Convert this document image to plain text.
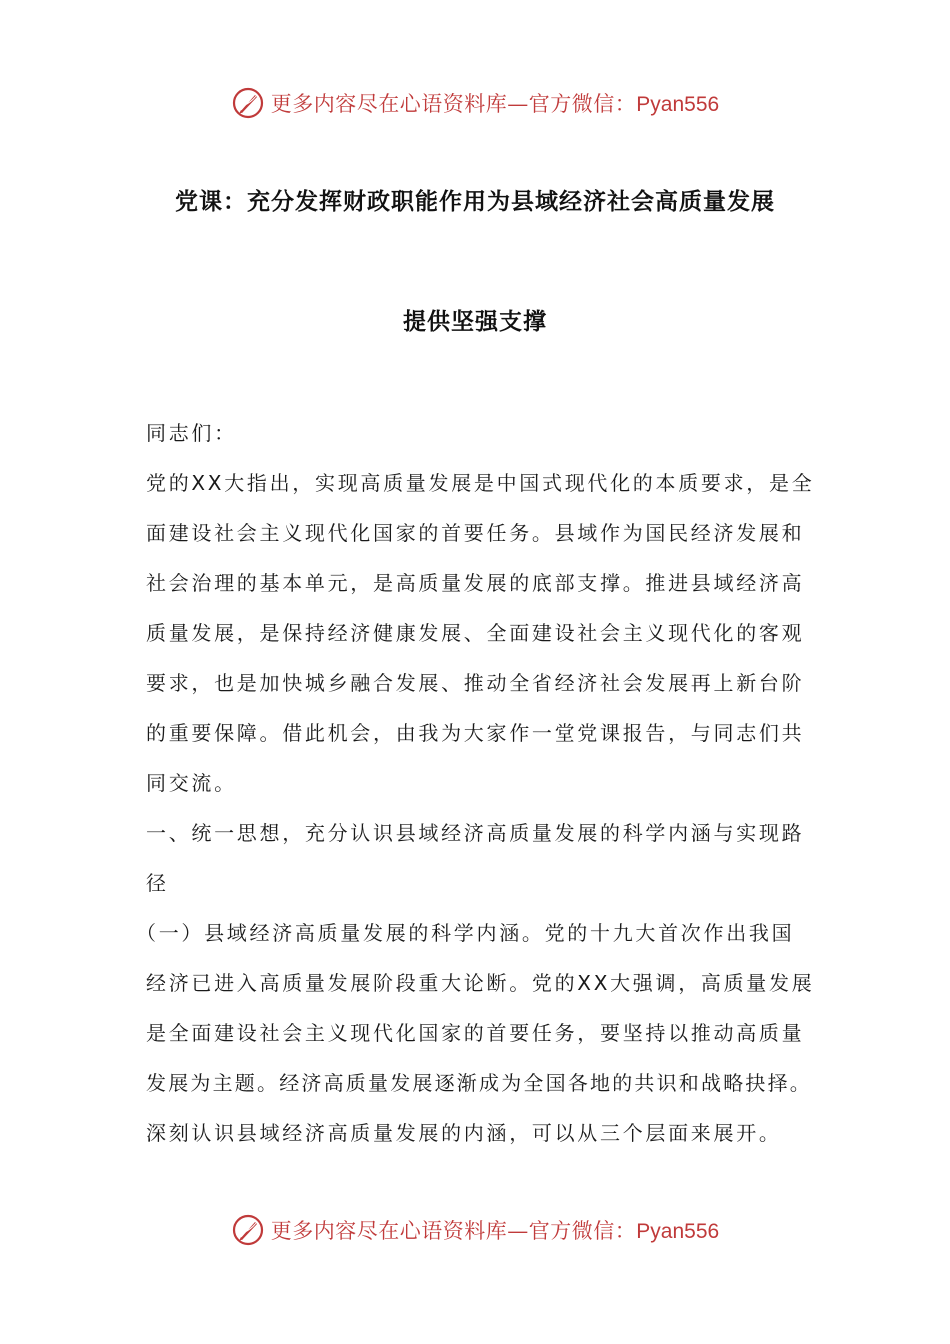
更多内容尽在心语资料库—官方微信：Pyan556
党课：充分发挥财政职能作用为县域经济社会高质量发展
提供坚强支撑
同志们：
党的XX大指出，实现高质量发展是中国式现代化的本质要求，是全
面建设社会主义现代化国家的首要任务。县域作为国民经济发展和
社会治理的基本单元，是高质量发展的底部支撑。推进县域经济高
质量发展，是保持经济健康发展、全面建设社会主义现代化的客观
要求，也是加快城乡融合发展、推动全省经济社会发展再上新台阶
的重要保障。借此机会，由我为大家作一堂党课报告，与同志们共
同交流。
一、统一思想，充分认识县域经济高质量发展的科学内涵与实现路
径
（一）县域经济高质量发展的科学内涵。党的十九大首次作出我国
经济已进入高质量发展阶段重大论断。党的XX大强调，高质量发展
是全面建设社会主义现代化国家的首要任务，要坚持以推动高质量
发展为主题。经济高质量发展逐渐成为全国各地的共识和战略抉择。
深刻认识县域经济高质量发展的内涵，可以从三个层面来展开。
更多内容尽在心语资料库—官方微信：Pyan556
